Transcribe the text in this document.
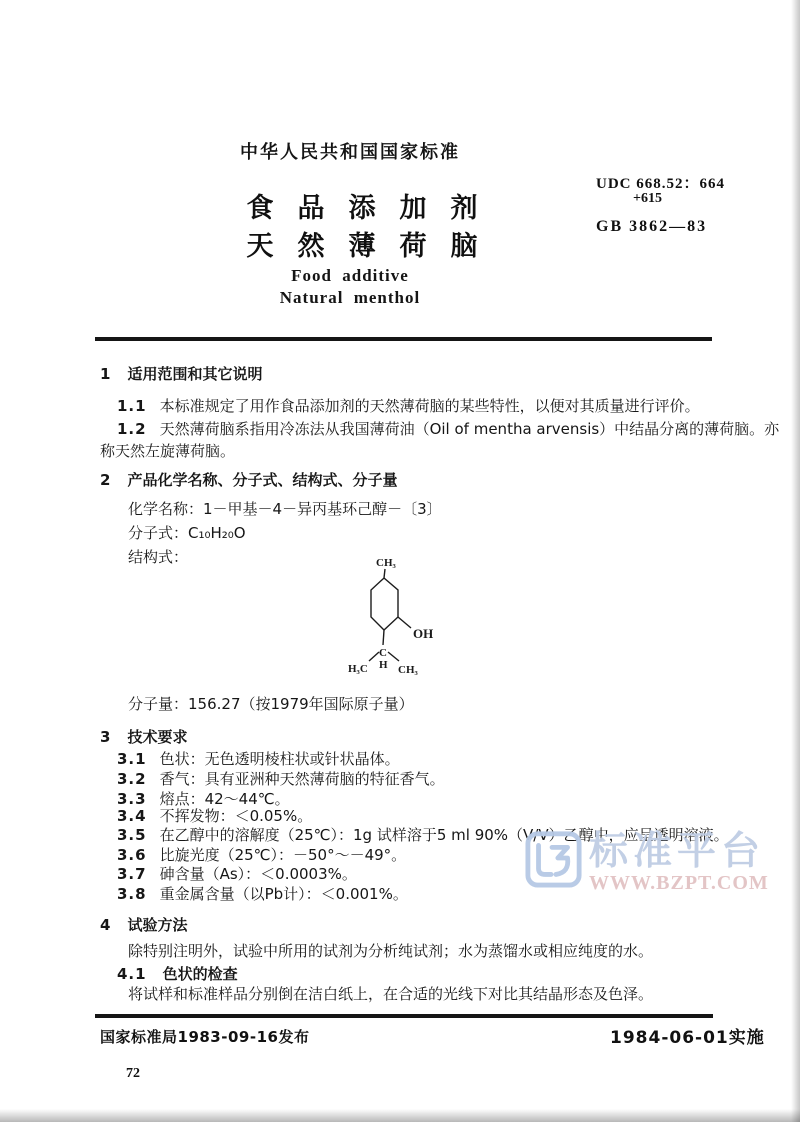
中华人民共和国国家标准
食品添加剂
天然薄荷脑
Food additive
Natural menthol
UDC 668.52：664
+615
GB 3862—83
1 适用范围和其它说明
1.1 本标准规定了用作食品添加剂的天然薄荷脑的某些特性，以便对其质量进行评价。
1.2 天然薄荷脑系指用冷冻法从我国薄荷油（Oil of mentha arvensis）中结晶分离的薄荷脑。亦
称天然左旋薄荷脑。
2 产品化学名称、分子式、结构式、分子量
化学名称：1－甲基－4－异丙基环己醇－〔3〕
分子式：C₁₀H₂₀O
结构式：	CH₃
OH
C
H
H₃C	CH₃
分子量：156.27（按1979年国际原子量）
3 技术要求
3.1 色状：无色透明棱柱状或针状晶体。
3.2 香气：具有亚洲种天然薄荷脑的特征香气。
3.3 熔点：42～44℃。
3.4 不挥发物：＜0.05%。
3.5 在乙醇中的溶解度（25℃）：1g 试样溶于5 ml 90%（V/V）乙醇中，应呈透明溶液。
3.6 比旋光度（25℃）：－50°～－49°。
3.7 砷含量（As）：＜0.0003%。
3.8 重金属含量（以Pb计）：＜0.001%。
标准平台
WWW.BZPT.COM
4 试验方法
除特别注明外，试验中所用的试剂为分析纯试剂；水为蒸馏水或相应纯度的水。
4.1 色状的检查
将试样和标准样品分别倒在洁白纸上，在合适的光线下对比其结晶形态及色泽。
国家标准局1983-09-16发布	1984-06-01实施
72
